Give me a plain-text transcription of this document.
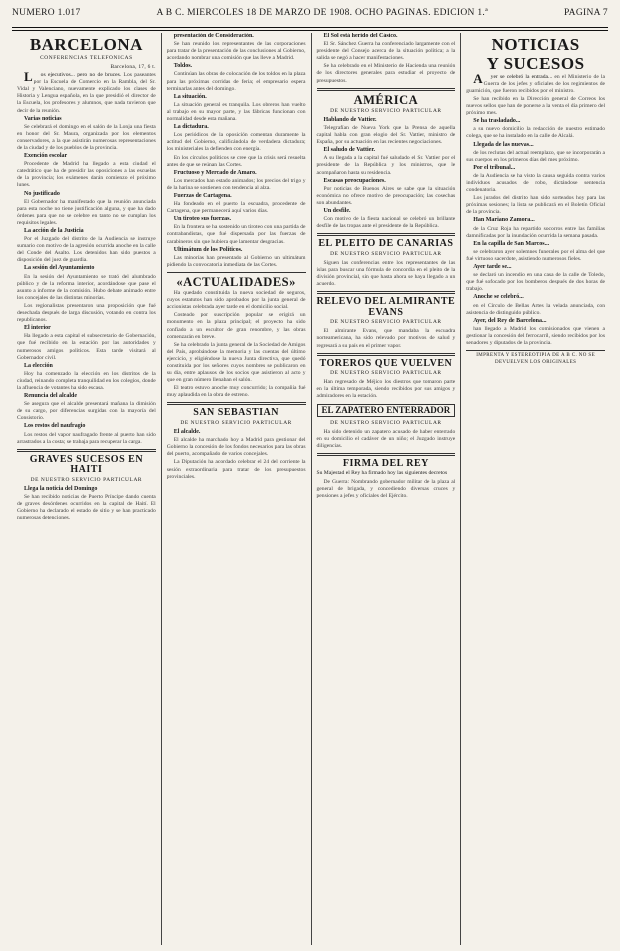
NUMERO 1.017	A B C. MIERCOLES 18 DE MARZO DE 1908. OCHO PAGINAS. EDICION 1.ª	PAGINA 7
BARCELONA
CONFERENCIAS TELEFONICAS
Barcelona, 17, 6 t.

Los ejecutivos... pero no de bruces. Los paseantes por la Escuela de Comercio en la Rambla, del Sr. Vidal y Valenciano, nuevamente explicado los clases de Historia y Lengua española, en la que presidió el director de la Escuela, los profesores y alumnos, que nada tuvieron que decir de la reunión.

Varias noticias

Se celebrará el domingo en el salón de la Lonja una fiesta en honor del Sr. Maura, organizada por los elementos conservadores, a la que asistirán numerosas representaciones de la ciudad y de los pueblos de la provincia.

Exención escolar

Procedente de Madrid ha llegado a esta ciudad el catedrático que ha de presidir las oposiciones a las escuelas de la provincia; los exámenes darán comienzo el próximo lunes.

No justificado

El Gobernador ha manifestado que la reunión anunciada para esta noche no tiene justificación alguna, y que ha dado órdenes para que no se celebre en tanto no se cumplan los requisitos legales.

La acción de la Justicia

Por el Juzgado del distrito de la Audiencia se instruye sumario con motivo de la agresión ocurrida anoche en la calle del Conde del Asalto. Los detenidos han sido puestos a disposición del juez de guardia.

La sesión del Ayuntamiento

En la sesión del Ayuntamiento se trató del alumbrado público y de la reforma interior, acordándose que pase el asunto a informe de la comisión. Hubo debate animado entre los concejales de las distintas minorías.

Los regionalistas presentaron una proposición que fué desechada después de larga discusión, votando en contra los republicanos.

El interior

Ha llegado a esta capital el subsecretario de Gobernación, que fué recibido en la estación por las autoridades y numerosos amigos políticos. Esta tarde visitará al Gobernador civil.

La elección

Hoy ha comenzado la elección en los distritos de la ciudad, reinando completa tranquilidad en los colegios, donde la afluencia de votantes ha sido escasa.

Renuncia del alcalde

Se asegura que el alcalde presentará mañana la dimisión de su cargo, por diferencias surgidas con la mayoría del Consistorio.

Los restos del naufragio

Los restos del vapor naufragado frente al puerto han sido arrastrados a la costa; se trabaja para recuperar la carga.

GRAVES SUCESOS EN HAITI
DE NUESTRO SERVICIO PARTICULAR

Llega la noticia del Domingo

Se han recibido noticias de Puerto Príncipe dando cuenta de graves desórdenes ocurridos en la capital de Haití. El Gobierno ha declarado el estado de sitio y se han practicado numerosas detenciones.

presentación de Consideración.

Se han reunido los representantes de las corporaciones para tratar de la presentación de las conclusiones al Gobierno, acordando nombrar una comisión que las lleve a Madrid.

Toldos.

Continúan las obras de colocación de los toldos en la plaza para las próximas corridas de feria; el empresario espera terminarlas antes del domingo.

La situación.

La situación general es tranquila. Los obreros han vuelto al trabajo en su mayor parte, y las fábricas funcionan con normalidad desde esta mañana.

La dictadura.

Los periódicos de la oposición comentan duramente la actitud del Gobierno, calificándola de verdadera dictadura; los ministeriales la defienden con energía.

En los círculos políticos se cree que la crisis será resuelta antes de que se reúnan las Cortes.

Fructuoso y Mercado de Amaro.

Los mercados han estado animados; los precios del trigo y de la harina se sostienen con tendencia al alza.

Fuerzas de Cartagena.

Ha fondeado en el puerto la escuadra, procedente de Cartagena, que permanecerá aquí varios días.

Un tiroteo sus fuerzas.

En la frontera se ha sostenido un tiroteo con una partida de contrabandistas, que fué dispersada por las fuerzas de carabineros sin que hubiera que lamentar desgracias.

Ultimátum de los Políticos.

Las minorías han presentado al Gobierno un ultimátum pidiendo la convocatoria inmediata de las Cortes.

«ACTUALIDADES»

Ha quedado constituida la nueva sociedad de seguros, cuyos estatutos han sido aprobados por la junta general de accionistas celebrada ayer tarde en el domicilio social.

Costeado por suscripción popular se erigirá un monumento en la plaza principal; el proyecto ha sido confiado a un escultor de gran renombre, y las obras comenzarán en breve.

Se ha celebrado la junta general de la Sociedad de Amigos del País, aprobándose la memoria y las cuentas del último ejercicio, y eligiéndose la nueva Junta directiva, que quedó constituida por los señores cuyos nombres se publicaron en su día, entre aplausos de los socios que asistieron al acto y que en gran número llenaban el salón.

El teatro estuvo anoche muy concurrido; la compañía fué muy aplaudida en la obra de estreno.

SAN SEBASTIAN
DE NUESTRO SERVICIO PARTICULAR

El alcalde.

El alcalde ha marchado hoy a Madrid para gestionar del Gobierno la concesión de los fondos necesarios para las obras del puerto, acompañado de varios concejales.

La Diputación ha acordado celebrar el 24 del corriente la sesión extraordinaria para tratar de los presupuestos provinciales.

El Sol está herido del Cásico.

El Sr. Sánchez Guerra ha conferenciado largamente con el presidente del Consejo acerca de la situación política; a la salida se negó a hacer manifestaciones.

Se ha celebrado en el Ministerio de Hacienda una reunión de los directores generales para estudiar el proyecto de presupuestos.

AMÉRICA
DE NUESTRO SERVICIO PARTICULAR

Hablando de Vattier.

Telegrafían de Nueva York que la Prensa de aquella capital habla con gran elogio del Sr. Vattier, ministro de España, por su actuación en las recientes negociaciones.

El saludo de Vattier.

A su llegada a la capital fué saludado el Sr. Vattier por el presidente de la República y los ministros, que le acompañaron hasta su residencia.

Escasas preocupaciones.

Por noticias de Buenos Aires se sabe que la situación económica no ofrece motivo de preocupación; las cosechas son abundantes.

Un desfile.

Con motivo de la fiesta nacional se celebró un brillante desfile de las tropas ante el presidente de la República.

EL PLEITO DE CANARIAS
DE NUESTRO SERVICIO PARTICULAR

Siguen las conferencias entre los representantes de las islas para buscar una fórmula de concordia en el pleito de la división provincial, sin que hasta ahora se haya llegado a un acuerdo.

RELEVO DEL ALMIRANTE EVANS
DE NUESTRO SERVICIO PARTICULAR

El almirante Evans, que mandaba la escuadra norteamericana, ha sido relevado por motivos de salud y regresará a su país en el primer vapor.

TOREROS QUE VUELVEN
DE NUESTRO SERVICIO PARTICULAR

Han regresado de Méjico los diestros que tomaron parte en la última temporada, siendo recibidos por sus amigos y admiradores en la estación.

EL ZAPATERO ENTERRADOR
DE NUESTRO SERVICIO PARTICULAR

Ha sido detenido un zapatero acusado de haber enterrado en su domicilio el cadáver de un niño; el Juzgado instruye diligencias.

FIRMA DEL REY

Su Majestad el Rey ha firmado hoy las siguientes decretos

De Guerra: Nombrando gobernador militar de la plaza al general de brigada, y concediendo diversas cruces y pensiones a jefes y oficiales del Ejército.

NOTICIAS
Y SUCESOS

Ayer se celebró la entrada... en el Ministerio de la Guerra de los jefes y oficiales de los regimientos de guarnición, que fueron recibidos por el ministro.

Se han recibido en la Dirección general de Correos los nuevos sellos que han de ponerse a la venta el día primero del próximo mes.

Se ha trasladado...

a su nuevo domicilio la redacción de nuestro estimado colega, que se ha instalado en la calle de Alcalá.

Llegada de las nuevas...

de los reclutas del actual reemplazo, que se incorporarán a sus cuerpos en los primeros días del mes próximo.

Por el tribunal...

de la Audiencia se ha visto la causa seguida contra varios individuos acusados de robo, dictándose sentencia condenatoria.

Los jurados del distrito han sido sorteados hoy para las próximas sesiones; la lista se publicará en el Boletín Oficial de la provincia.

Han Mariano Zamora...

de la Cruz Roja ha repartido socorros entre las familias damnificadas por la inundación ocurrida la semana pasada.

En la capilla de San Marcos...

se celebraron ayer solemnes funerales por el alma del que fué virtuoso sacerdote, asistiendo numerosos fieles.

Ayer tarde se...

se declaró un incendio en una casa de la calle de Toledo, que fué sofocado por los bomberos después de dos horas de trabajo.

Anoche se celebró...

en el Círculo de Bellas Artes la velada anunciada, con asistencia de distinguido público.

Ayer, del Rey de Barcelona...

han llegado a Madrid los comisionados que vienen a gestionar la concesión del ferrocarril, siendo recibidos por los senadores y diputados de la provincia.

IMPRENTA Y ESTEREOTIPIA DE A B C. NO SE DEVUELVEN LOS ORIGINALES
